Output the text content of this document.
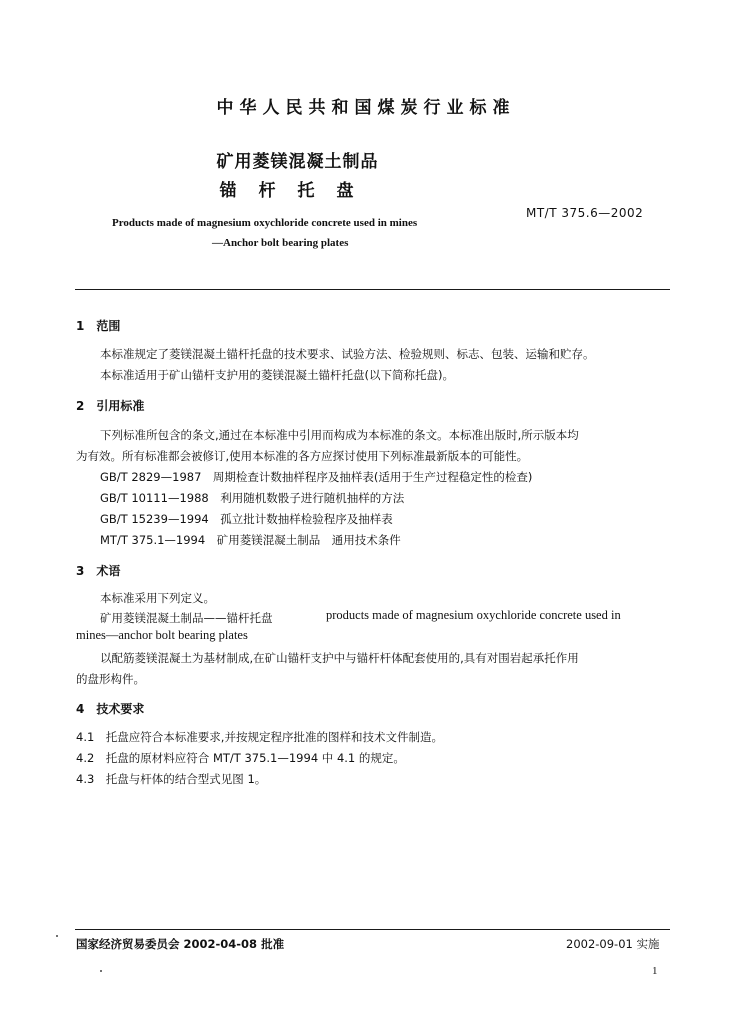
中华人民共和国煤炭行业标准
矿用菱镁混凝土制品
锚杆托盘
MT/T 375.6—2002
Products made of magnesium oxychloride concrete used in mines
—Anchor bolt bearing plates
1　范围
本标准规定了菱镁混凝土锚杆托盘的技术要求、试验方法、检验规则、标志、包装、运输和贮存。
本标准适用于矿山锚杆支护用的菱镁混凝土锚杆托盘(以下简称托盘)。
2　引用标准
下列标准所包含的条文,通过在本标准中引用而构成为本标准的条文。本标准出版时,所示版本均
为有效。所有标准都会被修订,使用本标准的各方应探讨使用下列标准最新版本的可能性。
GB/T 2829—1987　周期检查计数抽样程序及抽样表(适用于生产过程稳定性的检查)
GB/T 10111—1988　利用随机数骰子进行随机抽样的方法
GB/T 15239—1994　孤立批计数抽样检验程序及抽样表
MT/T 375.1—1994　矿用菱镁混凝土制品　通用技术条件
3　术语
本标准采用下列定义。
矿用菱镁混凝土制品——锚杆托盘	products made of magnesium oxychloride concrete used in
mines—anchor bolt bearing plates
以配筋菱镁混凝土为基材制成,在矿山锚杆支护中与锚杆杆体配套使用的,具有对围岩起承托作用
的盘形构件。
4　技术要求
4.1　托盘应符合本标准要求,并按规定程序批准的图样和技术文件制造。
4.2　托盘的原材料应符合 MT/T 375.1—1994 中 4.1 的规定。
4.3　托盘与杆体的结合型式见图 1。
国家经济贸易委员会 2002-04-08 批准	2002-09-01 实施
1
